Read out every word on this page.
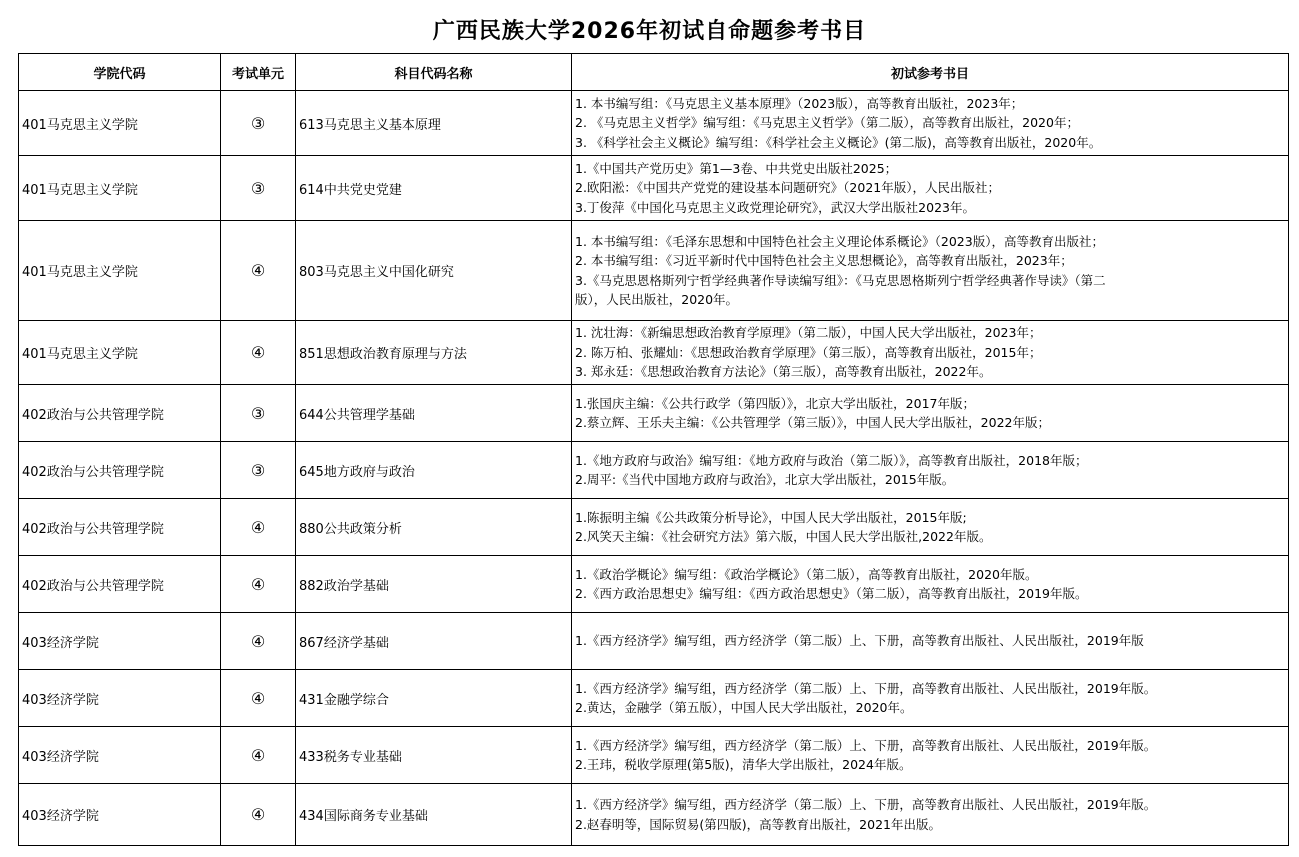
广西民族大学2026年初试自命题参考书目
学院代码	考试单元	科目代码名称	初试参考书目
401马克思主义学院	③	613马克思主义基本原理	1. 本书编写组：《马克思主义基本原理》（2023版），高等教育出版社，2023年；
2. 《马克思主义哲学》编写组：《马克思主义哲学》（第二版），高等教育出版社，2020年；
3. 《科学社会主义概论》编写组：《科学社会主义概论》(第二版)，高等教育出版社，2020年。

401马克思主义学院	③	614中共党史党建	1.《中国共产党历史》第1—3卷、中共党史出版社2025；
2.欧阳淞：《中国共产党党的建设基本问题研究》（2021年版），人民出版社；
3.丁俊萍《中国化马克思主义政党理论研究》，武汉大学出版社2023年。

401马克思主义学院	④	803马克思主义中国化研究	1. 本书编写组：《毛泽东思想和中国特色社会主义理论体系概论》（2023版），高等教育出版社；
2. 本书编写组：《习近平新时代中国特色社会主义思想概论》，高等教育出版社，2023年；
3.《马克思恩格斯列宁哲学经典著作导读编写组》：《马克思恩格斯列宁哲学经典著作导读》（第二
版），人民出版社，2020年。

401马克思主义学院	④	851思想政治教育原理与方法	1. 沈壮海：《新编思想政治教育学原理》（第二版），中国人民大学出版社，2023年；
2. 陈万柏、张耀灿：《思想政治教育学原理》（第三版），高等教育出版社，2015年；
3. 郑永廷：《思想政治教育方法论》（第三版），高等教育出版社，2022年。

402政治与公共管理学院	③	644公共管理学基础	1.张国庆主编：《公共行政学（第四版）》，北京大学出版社，2017年版；
2.蔡立辉、王乐夫主编：《公共管理学（第三版）》，中国人民大学出版社，2022年版；

402政治与公共管理学院	③	645地方政府与政治	1.《地方政府与政治》编写组：《地方政府与政治（第二版）》，高等教育出版社，2018年版；
2.周平:《当代中国地方政府与政治》，北京大学出版社，2015年版。

402政治与公共管理学院	④	880公共政策分析	1.陈振明主编《公共政策分析导论》，中国人民大学出版社，2015年版;
2.风笑天主编：《社会研究方法》第六版，中国人民大学出版社,2022年版。

402政治与公共管理学院	④	882政治学基础	1.《政治学概论》编写组：《政治学概论》（第二版），高等教育出版社，2020年版。
2.《西方政治思想史》编写组：《西方政治思想史》（第二版），高等教育出版社，2019年版。

403经济学院	④	867经济学基础	1.《西方经济学》编写组，西方经济学（第二版）上、下册，高等教育出版社、人民出版社，2019年版

403经济学院	④	431金融学综合	1.《西方经济学》编写组，西方经济学（第二版）上、下册，高等教育出版社、人民出版社，2019年版。
2.黄达，金融学（第五版），中国人民大学出版社，2020年。

403经济学院	④	433税务专业基础	1.《西方经济学》编写组，西方经济学（第二版）上、下册，高等教育出版社、人民出版社，2019年版。
2.王玮，税收学原理(第5版)，清华大学出版社，2024年版。

403经济学院	④	434国际商务专业基础	1.《西方经济学》编写组，西方经济学（第二版）上、下册，高等教育出版社、人民出版社，2019年版。
2.赵春明等，国际贸易(第四版)，高等教育出版社，2021年出版。
